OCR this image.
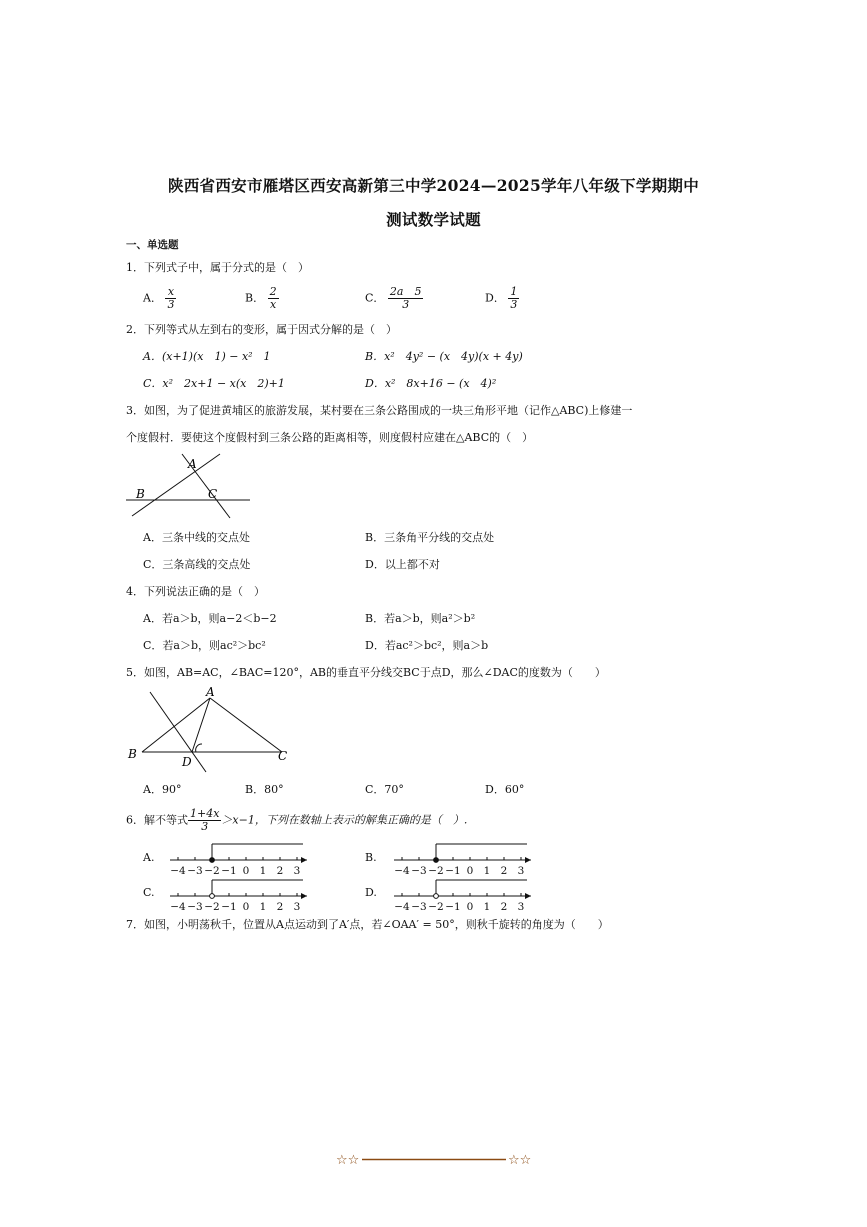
陕西省西安市雁塔区西安高新第三中学2024—2025学年八年级下学期期中
测试数学试题
一、单选题
1．下列式子中，属于分式的是（　）
A． $\frac{x}{3}$	B． $\frac{2}{x}$	C． $\frac{2a 5}{3}$	D． $\frac{1}{3}$
2．下列等式从左到右的变形，属于因式分解的是（　）
A．(x+1)(x　1) − x²　1	B．x²　4y² − (x　4y)(x + 4y)
C．x²　2x+1 − x(x　2)+1	D．x²　8x+16 − (x　4)²
3．如图，为了促进黄埔区的旅游发展，某村要在三条公路围成的一块三角形平地（记作△ABC)上修建一
个度假村．要使这个度假村到三条公路的距离相等，则度假村应建在△ABC的（　）
A
B	C
A．三条中线的交点处	B．三条角平分线的交点处
C．三条高线的交点处	D．以上都不对
4．下列说法正确的是（　）
A．若a＞b，则a−2＜b−2	B．若a＞b，则a²＞b²
C．若a＞b，则ac²＞bc²	D．若ac²＞bc²，则a＞b
5．如图，AB=AC，∠BAC=120°，AB的垂直平分线交BC于点D，那么∠DAC的度数为（　　）
A
B	C
D
A．90°	B．80°	C．70°	D．60°
6．解不等式 $\frac{1+4x}{3} >x-1$，下列在数轴上表示的解集正确的是（　）.
A.	B.
C.	D.
−4 −3 −2 −1 0 1 2 3	−4 −3 −2 −1 0 1 2 3
−4 −3 −2 −1 0 1 2 3	−4 −3 −2 −1 0 1 2 3
7．如图，小明荡秋千，位置从A点运动到了A′点，若∠OAA′ = 50°，则秋千旋转的角度为（　　）
☆☆	☆☆
